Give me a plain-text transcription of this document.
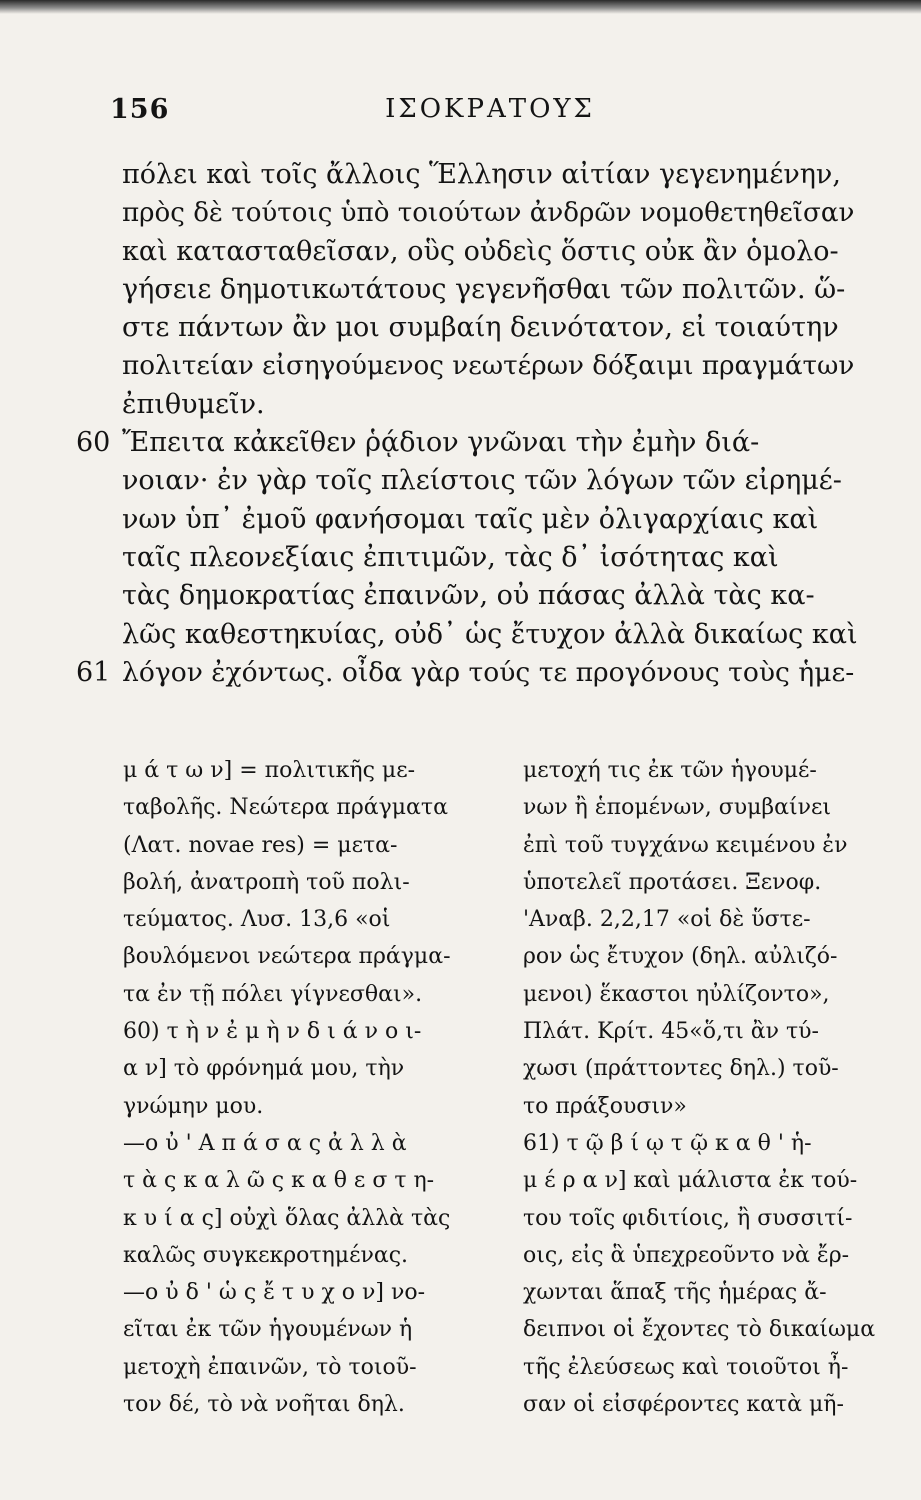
156	ΙΣΟΚΡΑΤΟΥΣ
πόλει καὶ τοῖς ἄλλοις Ἕλλησιν αἰτίαν γεγενημένην,
πρὸς δὲ τούτοις ὑπὸ τοιούτων ἀνδρῶν νομοθετηθεῖσαν
καὶ κατασταθεῖσαν, οὓς οὐδεὶς ὅστις οὐκ ἂν ὁμολο-
γήσειε δημοτικωτάτους γεγενῆσθαι τῶν πολιτῶν. ὥ-
στε πάντων ἂν μοι συμβαίη δεινότατον, εἰ τοιαύτην
πολιτείαν εἰσηγούμενος νεωτέρων δόξαιμι πραγμάτων
ἐπιθυμεῖν.
60 Ἔπειτα κἀκεῖθεν ῥᾴδιον γνῶναι τὴν ἐμὴν διά-
νοιαν· ἐν γὰρ τοῖς πλείστοις τῶν λόγων τῶν εἰρημέ-
νων ὑπ᾽ ἐμοῦ φανήσομαι ταῖς μὲν ὀλιγαρχίαις καὶ
ταῖς πλεονεξίαις ἐπιτιμῶν, τὰς δ᾽ ἰσότητας καὶ
τὰς δημοκρατίας ἐπαινῶν, οὐ πάσας ἀλλὰ τὰς κα-
λῶς καθεστηκυίας, οὐδ᾽ ὡς ἔτυχον ἀλλὰ δικαίως καὶ
61 λόγον ἐχόντως. οἶδα γὰρ τούς τε προγόνους τοὺς ἡμε-
μ ά τ ω ν] = πολιτικῆς με-
ταβολῆς. Νεώτερα πράγματα
(Λατ. novae res) = μετα-
βολή, ἀνατροπὴ τοῦ πολι-
τεύματος. Λυσ. 13,6 «οἱ
βουλόμενοι νεώτερα πράγμα-
τα ἐν τῇ πόλει γίγνεσθαι».
60) τ ὴ ν ἐ μ ὴ ν δ ι ά ν ο ι-
α ν] τὸ φρόνημά μου, τὴν
γνώμην μου.
—ο ὐ ' Α π ά σ α ς ἀ λ λ ὰ
τ ὰ ς κ α λ ῶ ς κ α θ ε σ τ η-
κ υ ί α ς] οὐχὶ ὅλας ἀλλὰ τὰς
καλῶς συγκεκροτημένας.
—ο ὐ δ ' ὡ ς ἔ τ υ χ ο ν] νο-
εῖται ἐκ τῶν ἡγουμένων ἡ
μετοχὴ ἐπαινῶν, τὸ τοιοῦ-
τον δέ, τὸ νὰ νοῆται δηλ.
μετοχή τις ἐκ τῶν ἡγουμέ-
νων ἢ ἑπομένων, συμβαίνει
ἐπὶ τοῦ τυγχάνω κειμένου ἐν
ὑποτελεῖ προτάσει. Ξενοφ.
'Αναβ. 2,2,17 «οἱ δὲ ὕστε-
ρον ὡς ἔτυχον (δηλ. αὐλιζό-
μενοι) ἕκαστοι ηὐλίζοντο»,
Πλάτ. Κρίτ. 45«ὅ,τι ἂν τύ-
χωσι (πράττοντες δηλ.) τοῦ-
το πράξουσιν»
61) τ ῷ β ί ῳ τ ῷ κ α θ ' ἡ-
μ έ ρ α ν] καὶ μάλιστα ἐκ τού-
του τοῖς φιδιτίοις, ἢ συσσιτί-
οις, εἰς ἃ ὑπεχρεοῦντο νὰ ἔρ-
χωνται ἅπαξ τῆς ἡμέρας ἄ-
δειπνοι οἱ ἔχοντες τὸ δικαίωμα
τῆς ἐλεύσεως καὶ τοιοῦτοι ἦ-
σαν οἱ εἰσφέροντες κατὰ μῆ-
